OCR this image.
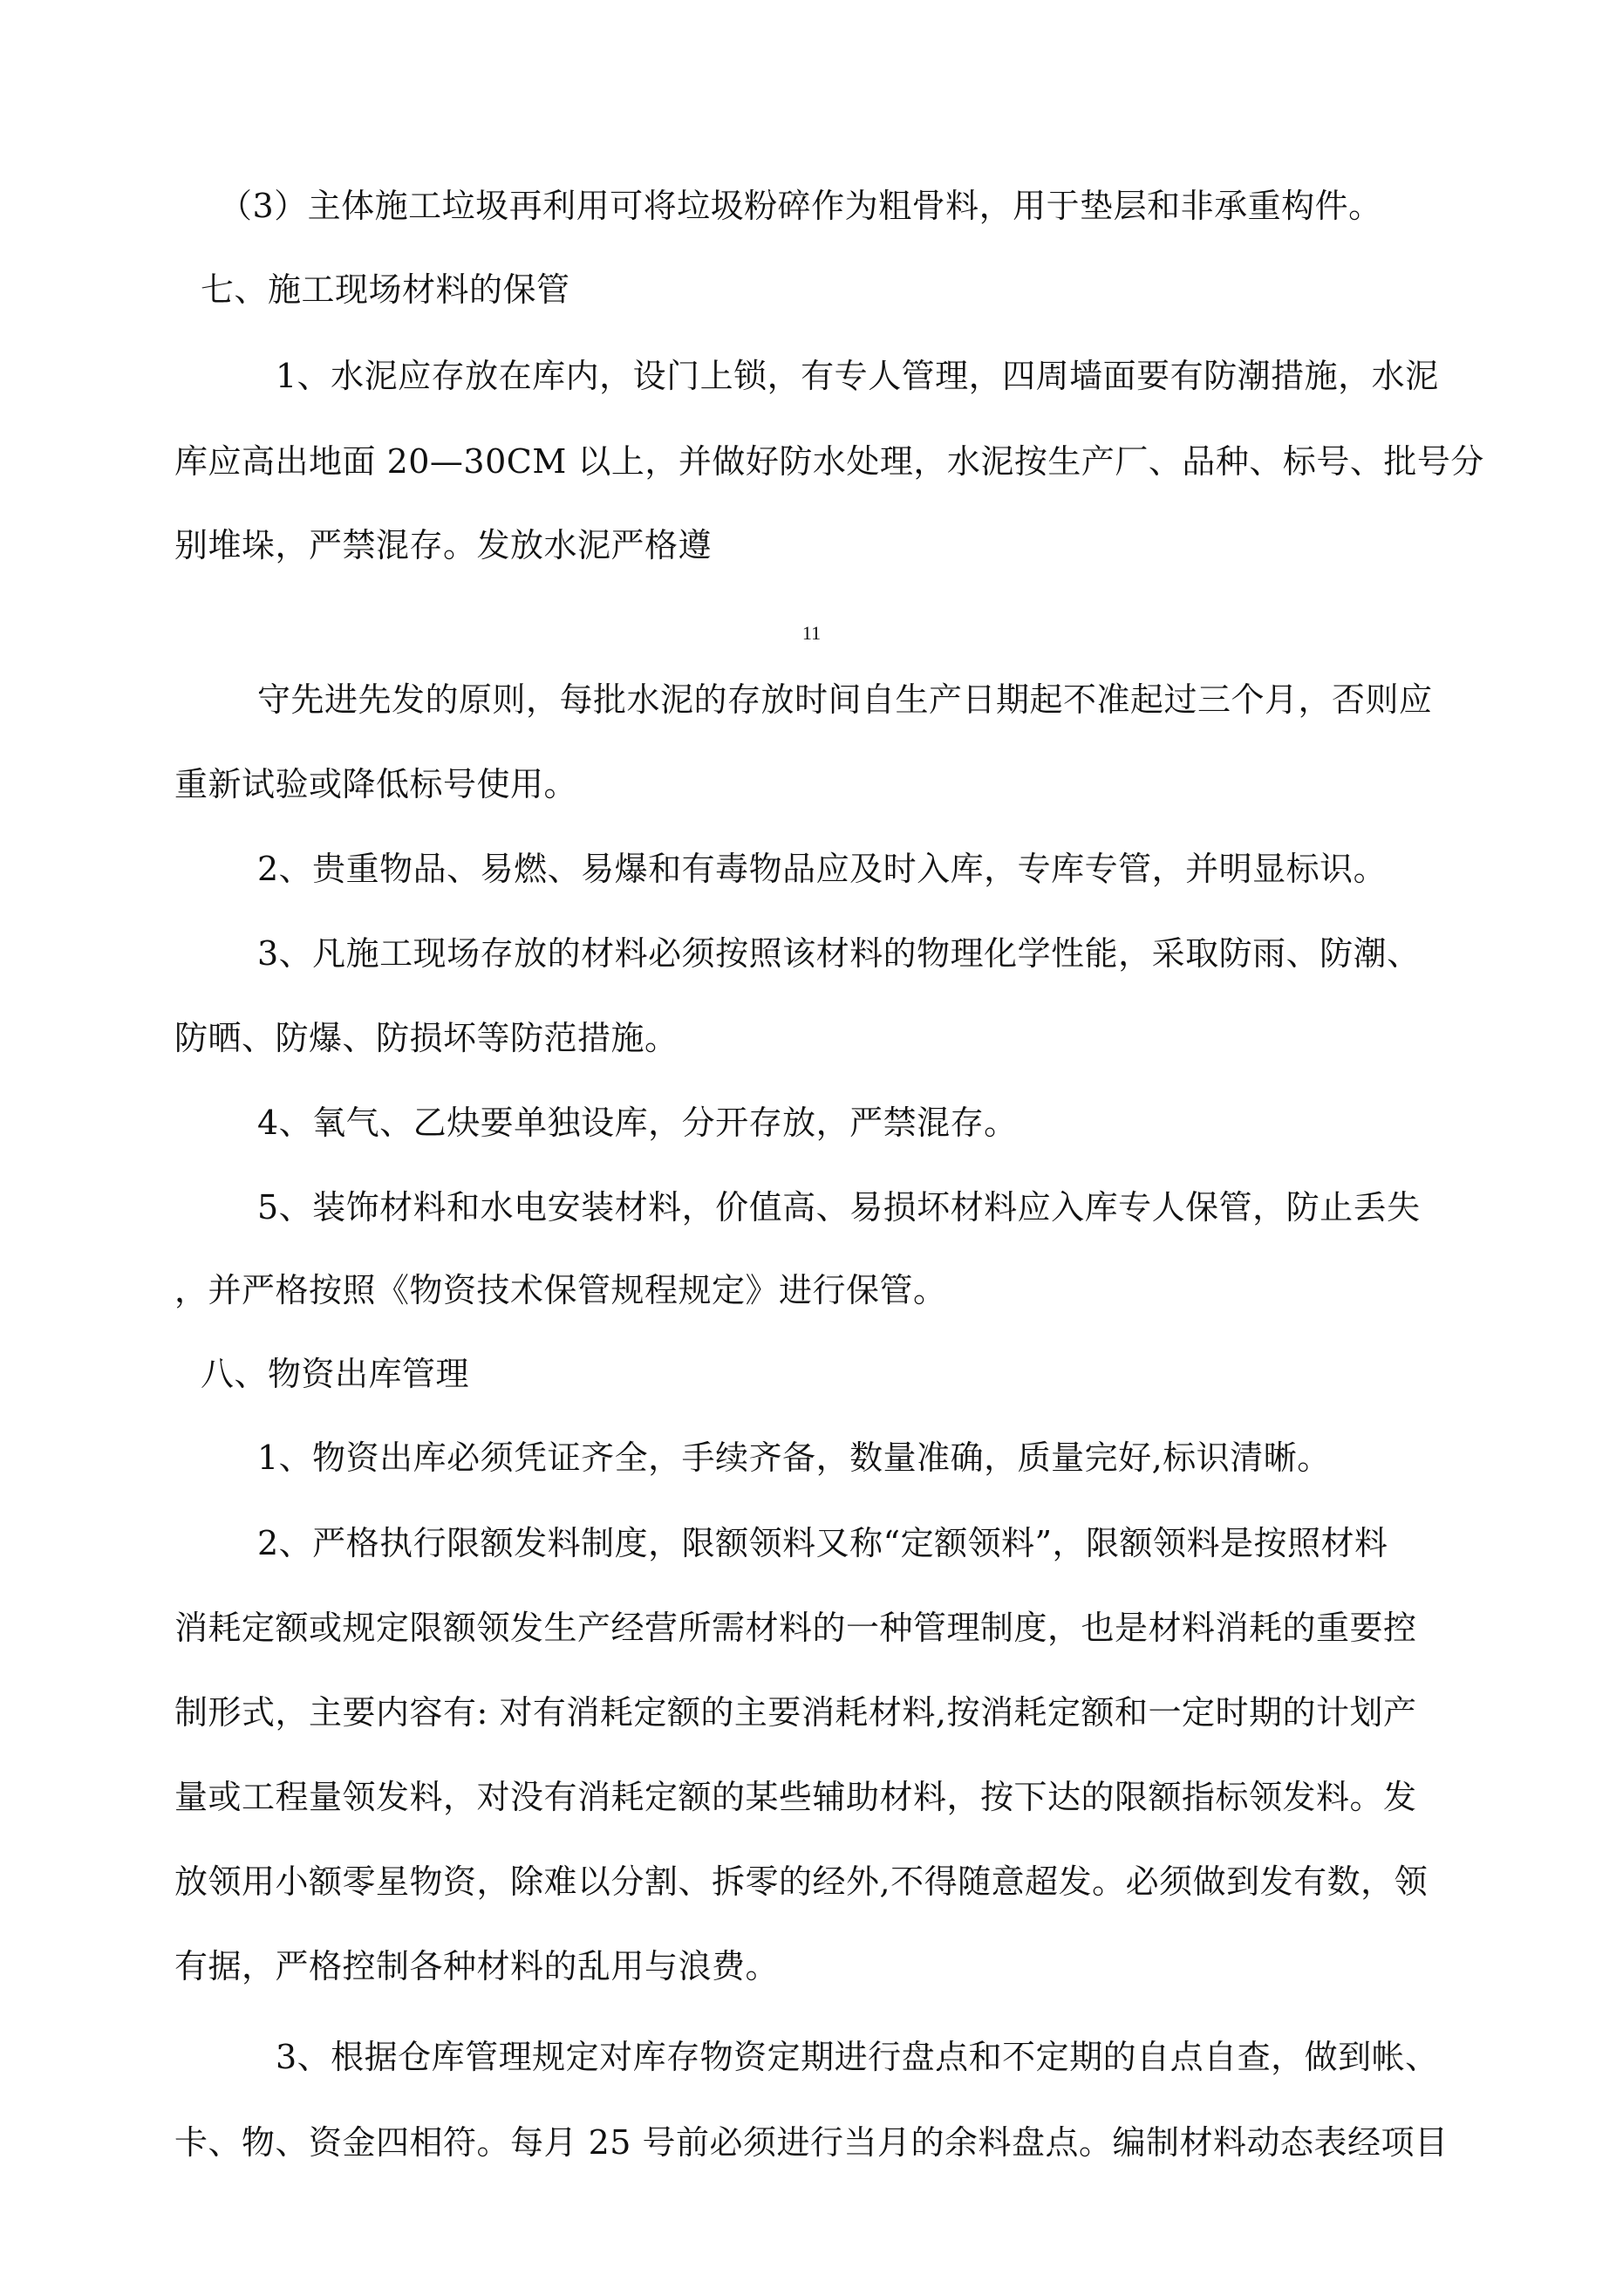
（3）主体施工垃圾再利用可将垃圾粉碎作为粗骨料，用于垫层和非承重构件。
七、施工现场材料的保管
1、水泥应存放在库内，设门上锁，有专人管理，四周墙面要有防潮措施，水泥
库应高出地面 20—30CM 以上，并做好防水处理，水泥按生产厂、品种、标号、批号分
别堆垛，严禁混存。发放水泥严格遵
11
守先进先发的原则，每批水泥的存放时间自生产日期起不准起过三个月，否则应
重新试验或降低标号使用。
2、贵重物品、易燃、易爆和有毒物品应及时入库，专库专管，并明显标识。
3、凡施工现场存放的材料必须按照该材料的物理化学性能，采取防雨、防潮、
防晒、防爆、防损坏等防范措施。
4、氧气、乙炔要单独设库，分开存放，严禁混存。
5、装饰材料和水电安装材料，价值高、易损坏材料应入库专人保管，防止丢失
，并严格按照《物资技术保管规程规定》进行保管。
八、物资出库管理
1、物资出库必须凭证齐全，手续齐备，数量准确，质量完好,标识清晰。
2、严格执行限额发料制度，限额领料又称“定额领料”，限额领料是按照材料
消耗定额或规定限额领发生产经营所需材料的一种管理制度，也是材料消耗的重要控
制形式，主要内容有: 对有消耗定额的主要消耗材料,按消耗定额和一定时期的计划产
量或工程量领发料，对没有消耗定额的某些辅助材料，按下达的限额指标领发料。发
放领用小额零星物资，除难以分割、拆零的经外,不得随意超发。必须做到发有数，领
有据，严格控制各种材料的乱用与浪费。
3、根据仓库管理规定对库存物资定期进行盘点和不定期的自点自查，做到帐、
卡、物、资金四相符。每月 25 号前必须进行当月的余料盘点。编制材料动态表经项目
